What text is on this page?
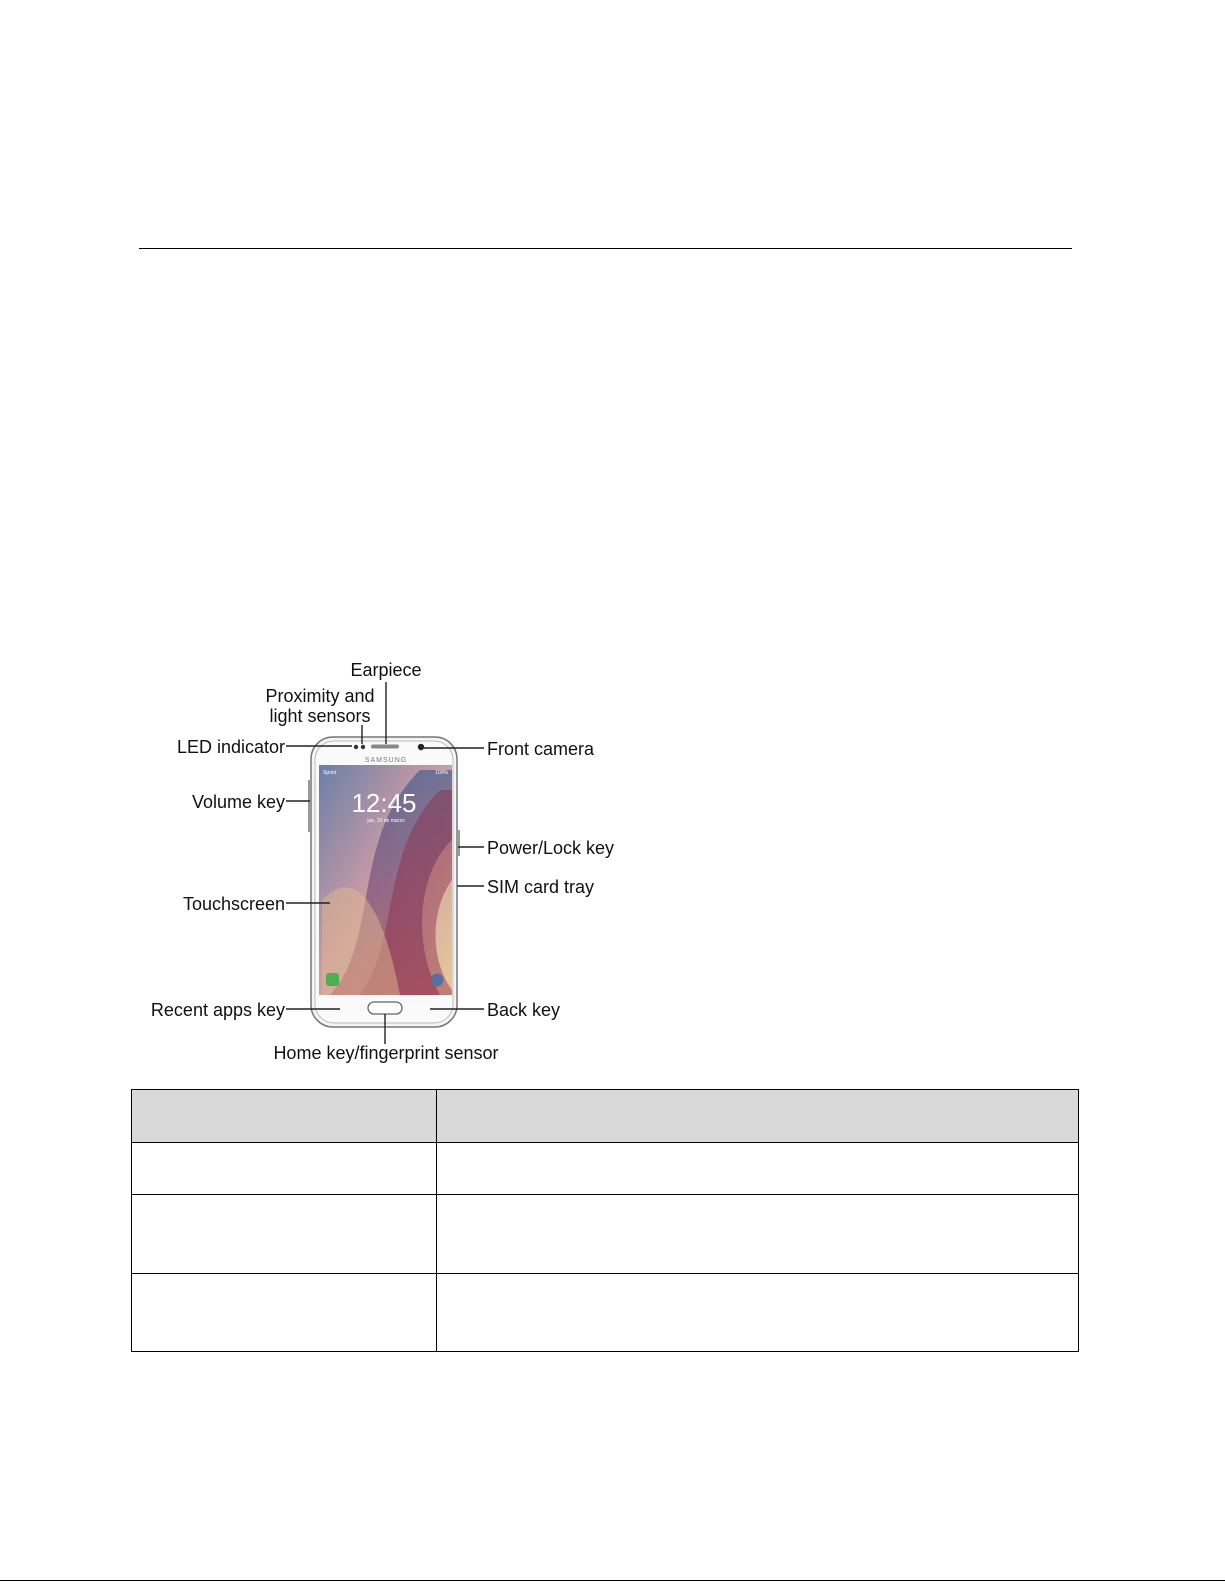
SAMSUNG
Sprint	100%
12:45
jue, 10 de marzo
Earpiece
Proximity and
light sensors
LED indicator	Front camera
Volume key
Power/Lock key
SIM card tray
Touchscreen
Recent apps key	Back key
Home key/fingerprint sensor
